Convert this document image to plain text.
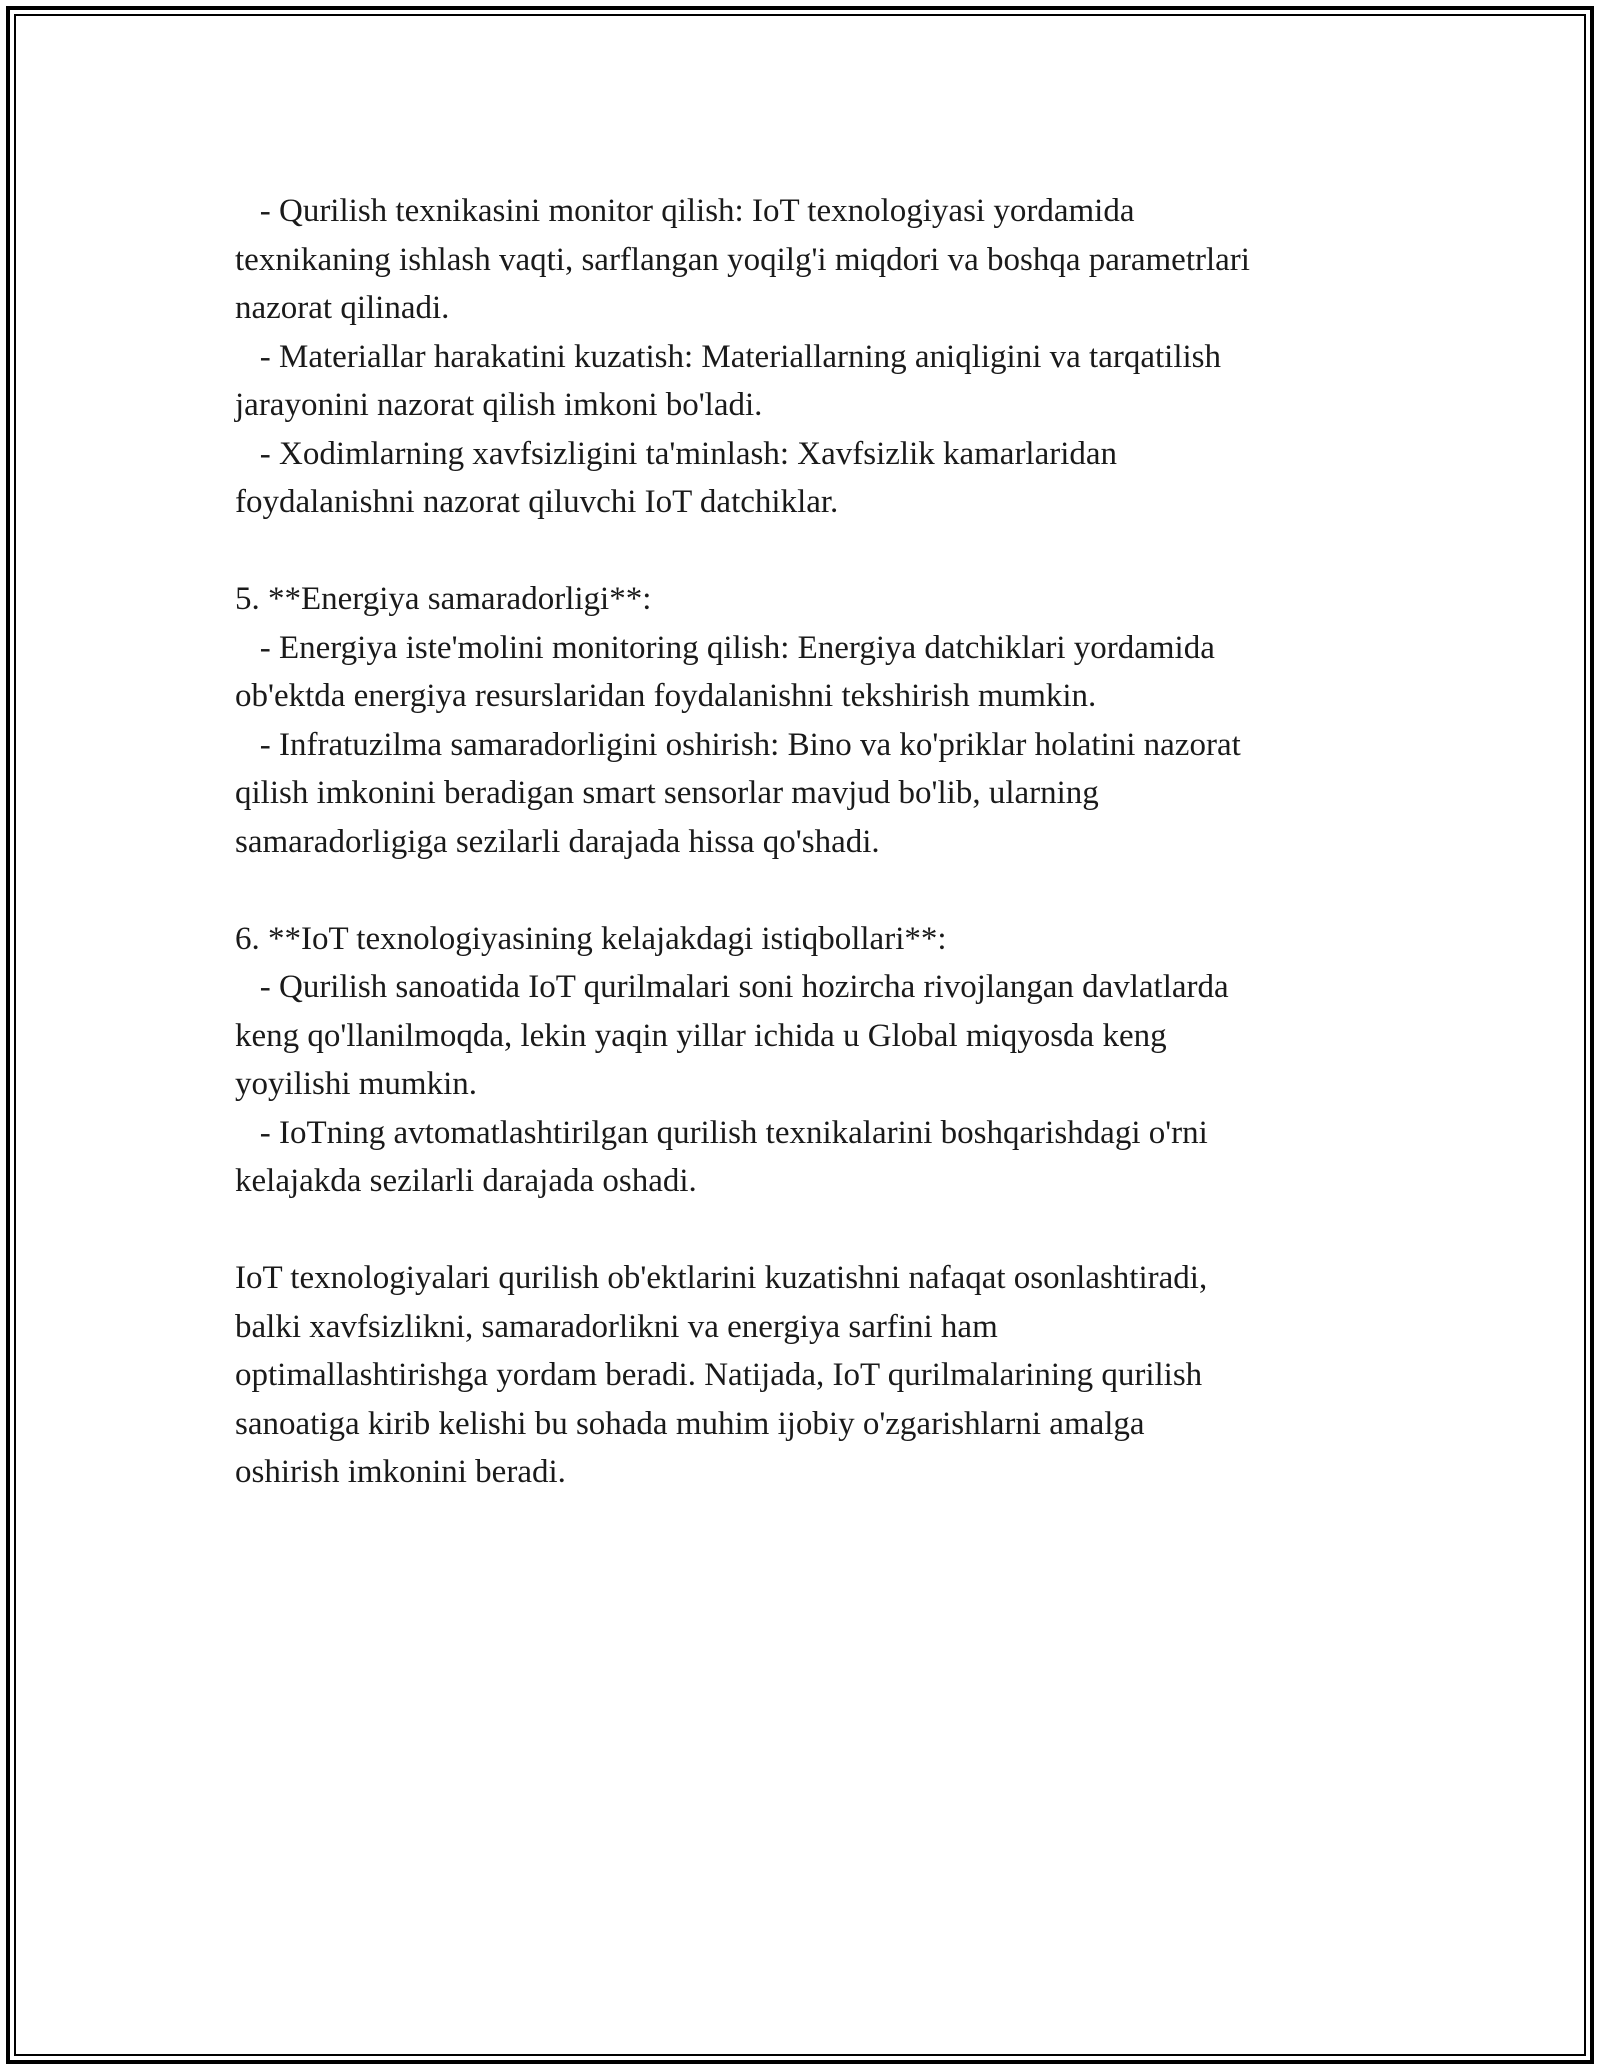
- Qurilish texnikasini monitor qilish: IoT texnologiyasi yordamida
texnikaning ishlash vaqti, sarflangan yoqilg'i miqdori va boshqa parametrlari
nazorat qilinadi.
- Materiallar harakatini kuzatish: Materiallarning aniqligini va tarqatilish
jarayonini nazorat qilish imkoni bo'ladi.
- Xodimlarning xavfsizligini ta'minlash: Xavfsizlik kamarlaridan
foydalanishni nazorat qiluvchi IoT datchiklar.
5. **Energiya samaradorligi**:
- Energiya iste'molini monitoring qilish: Energiya datchiklari yordamida
ob'ektda energiya resurslaridan foydalanishni tekshirish mumkin.
- Infratuzilma samaradorligini oshirish: Bino va ko'priklar holatini nazorat
qilish imkonini beradigan smart sensorlar mavjud bo'lib, ularning
samaradorligiga sezilarli darajada hissa qo'shadi.
6. **IoT texnologiyasining kelajakdagi istiqbollari**:
- Qurilish sanoatida IoT qurilmalari soni hozircha rivojlangan davlatlarda
keng qo'llanilmoqda, lekin yaqin yillar ichida u Global miqyosda keng
yoyilishi mumkin.
- IoTning avtomatlashtirilgan qurilish texnikalarini boshqarishdagi o'rni
kelajakda sezilarli darajada oshadi.
IoT texnologiyalari qurilish ob'ektlarini kuzatishni nafaqat osonlashtiradi,
balki xavfsizlikni, samaradorlikni va energiya sarfini ham
optimallashtirishga yordam beradi. Natijada, IoT qurilmalarining qurilish
sanoatiga kirib kelishi bu sohada muhim ijobiy o'zgarishlarni amalga
oshirish imkonini beradi.
